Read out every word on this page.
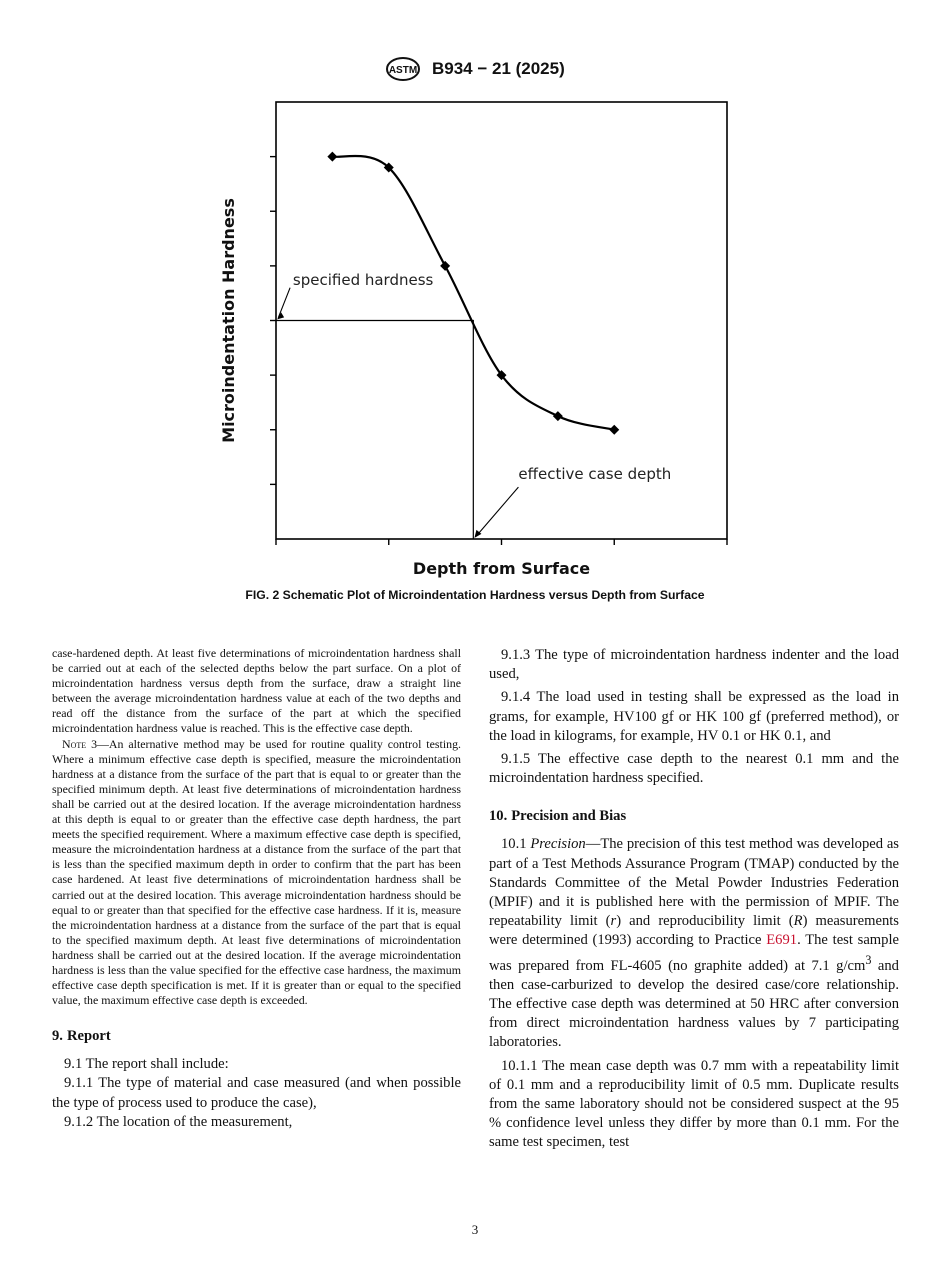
ASTM B934 − 21 (2025)
specified hardness
effective case depth
Depth from Surface
Microindentation Hardness
FIG. 2 Schematic Plot of Microindentation Hardness versus Depth from Surface

case-hardened depth. At least five determinations of microindentation hardness shall be carried out at each of the selected depths below the part surface. On a plot of microindentation hardness versus depth from the surface, draw a straight line between the average microindentation hardness value at each of the two depths and read off the distance from the surface of the part at which the specified microindentation hardness value is reached. This is the effective case depth.

Note 3—An alternative method may be used for routine quality control testing. Where a minimum effective case depth is specified, measure the microindentation hardness at a distance from the surface of the part that is equal to or greater than the specified minimum depth. At least five determinations of microindentation hardness shall be carried out at the desired location. If the average microindentation hardness at this depth is equal to or greater than the effective case depth hardness, the part meets the specified requirement. Where a maximum effective case depth is specified, measure the microindentation hardness at a distance from the surface of the part that is less than the specified maximum depth in order to confirm that the part has been case hardened. At least five determinations of microindentation hardness shall be carried out at the desired location. This average microindentation hardness should be equal to or greater than that specified for the effective case hardness. If it is, measure the microindentation hardness at a distance from the surface of the part that is equal to the specified maximum depth. At least five determinations of microindentation hardness shall be carried out at the desired location. If the average microindentation hardness is less than the value specified for the effective case hardness, the maximum effective case depth specification is met. If it is greater than or equal to the specified value, the maximum effective case depth is exceeded.

9. Report

9.1 The report shall include:

9.1.1 The type of material and case measured (and when possible the type of process used to produce the case),

9.1.2 The location of the measurement,

9.1.3 The type of microindentation hardness indenter and the load used,

9.1.4 The load used in testing shall be expressed as the load in grams, for example, HV100 gf or HK 100 gf (preferred method), or the load in kilograms, for example, HV 0.1 or HK 0.1, and

9.1.5 The effective case depth to the nearest 0.1 mm and the microindentation hardness specified.

10. Precision and Bias

10.1 Precision—The precision of this test method was developed as part of a Test Methods Assurance Program (TMAP) conducted by the Standards Committee of the Metal Powder Industries Federation (MPIF) and it is published here with the permission of MPIF. The repeatability limit (r) and reproducibility limit (R) measurements were determined (1993) according to Practice E691. The test sample was prepared from FL-4605 (no graphite added) at 7.1 $g/cm^3$ and then case-carburized to develop the desired case/core relationship. The effective case depth was determined at 50 HRC after conversion from direct microindentation hardness values by 7 participating laboratories.

10.1.1 The mean case depth was 0.7 mm with a repeatability limit of 0.1 mm and a reproducibility limit of 0.5 mm. Duplicate results from the same laboratory should not be considered suspect at the 95 % confidence level unless they differ by more than 0.1 mm. For the same test specimen, test

3
